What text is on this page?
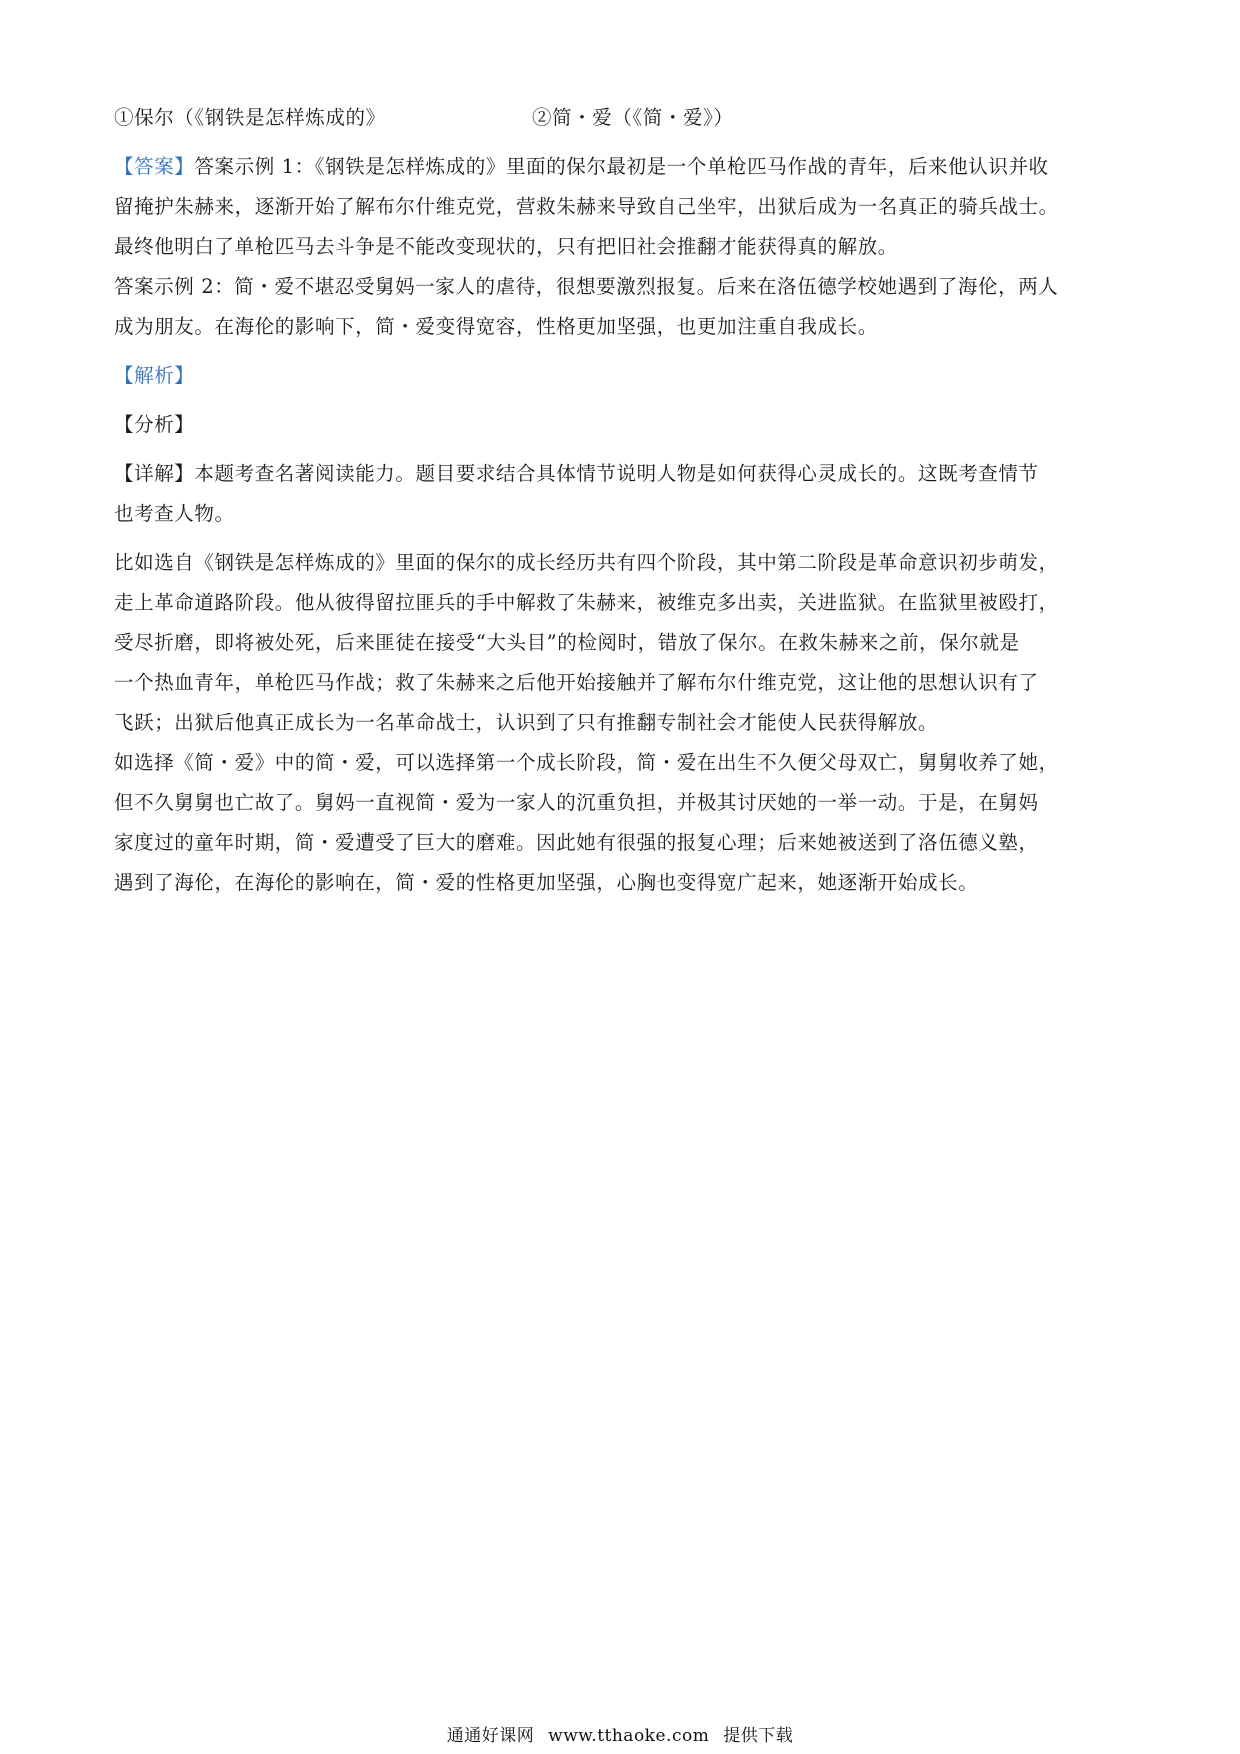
①保尔（《钢铁是怎样炼成的》	②简・爱（《简・爱》）
【答案】答案示例 1：《钢铁是怎样炼成的》里面的保尔最初是一个单枪匹马作战的青年，后来他认识并收
留掩护朱赫来，逐渐开始了解布尔什维克党，营救朱赫来导致自己坐牢，出狱后成为一名真正的骑兵战士。
最终他明白了单枪匹马去斗争是不能改变现状的，只有把旧社会推翻才能获得真的解放。
答案示例 2：简・爱不堪忍受舅妈一家人的虐待，很想要激烈报复。后来在洛伍德学校她遇到了海伦，两人
成为朋友。在海伦的影响下，简・爱变得宽容，性格更加坚强，也更加注重自我成长。
【解析】
【分析】
【详解】本题考查名著阅读能力。题目要求结合具体情节说明人物是如何获得心灵成长的。这既考查情节
也考查人物。
比如选自《钢铁是怎样炼成的》里面的保尔的成长经历共有四个阶段，其中第二阶段是革命意识初步萌发，
走上革命道路阶段。他从彼得留拉匪兵的手中解救了朱赫来，被维克多出卖，关进监狱。在监狱里被殴打，
受尽折磨，即将被处死，后来匪徒在接受“大头目”的检阅时，错放了保尔。在救朱赫来之前，保尔就是
一个热血青年，单枪匹马作战；救了朱赫来之后他开始接触并了解布尔什维克党，这让他的思想认识有了
飞跃；出狱后他真正成长为一名革命战士，认识到了只有推翻专制社会才能使人民获得解放。
如选择《简・爱》中的简・爱，可以选择第一个成长阶段，简・爱在出生不久便父母双亡，舅舅收养了她，
但不久舅舅也亡故了。舅妈一直视简・爱为一家人的沉重负担，并极其讨厌她的一举一动。于是，在舅妈
家度过的童年时期，简・爱遭受了巨大的磨难。因此她有很强的报复心理；后来她被送到了洛伍德义塾，
遇到了海伦，在海伦的影响在，简・爱的性格更加坚强，心胸也变得宽广起来，她逐渐开始成长。
通通好课网 www.tthaoke.com 提供下载
